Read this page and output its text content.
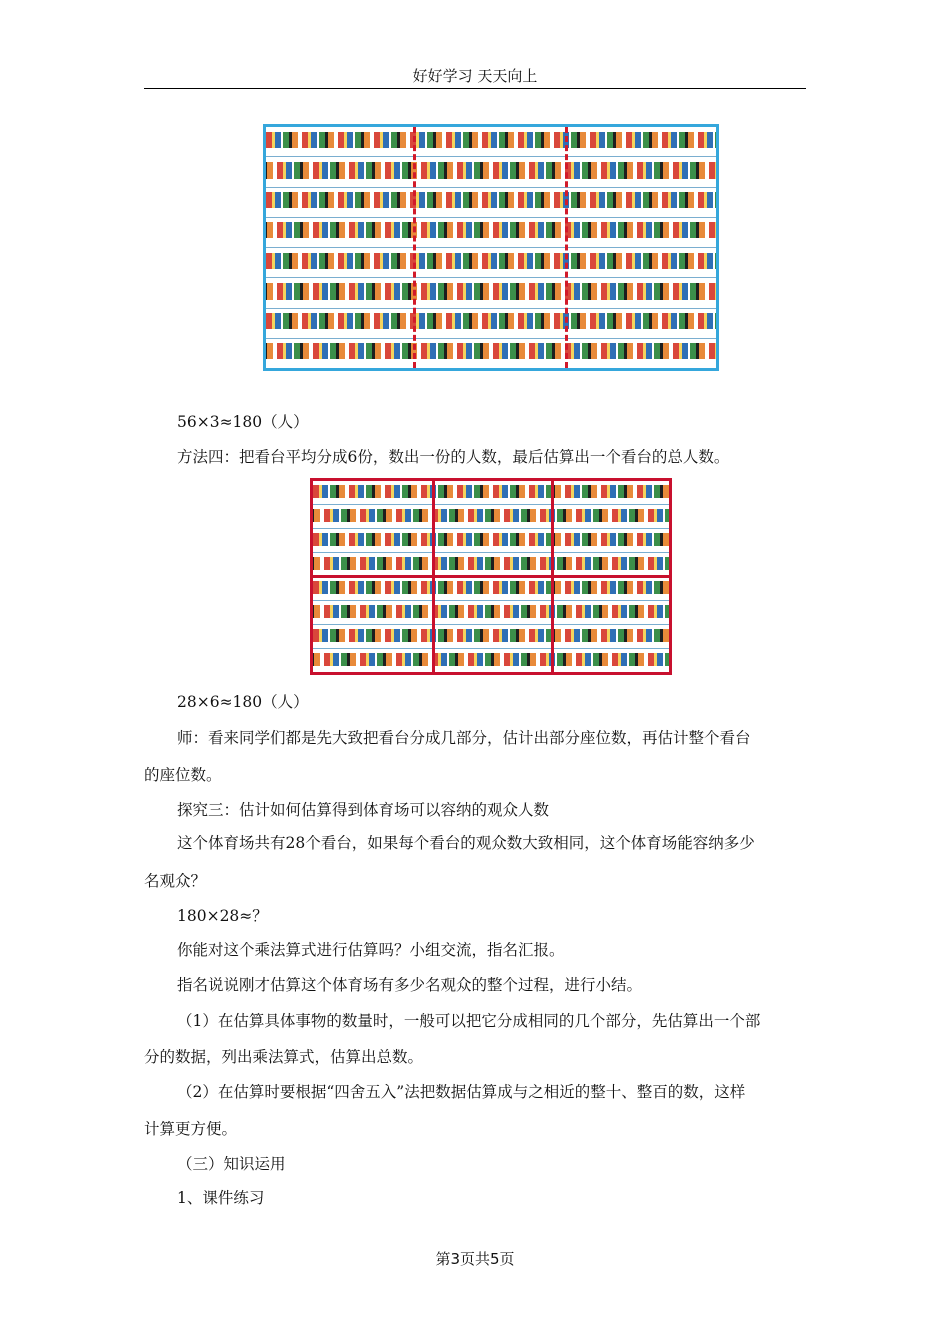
好好学习 天天向上
56×3≈180（人）
方法四：把看台平均分成6份，数出一份的人数，最后估算出一个看台的总人数。
28×6≈180（人）
师：看来同学们都是先大致把看台分成几部分，估计出部分座位数，再估计整个看台
的座位数。
探究三：估计如何估算得到体育场可以容纳的观众人数
这个体育场共有28个看台，如果每个看台的观众数大致相同，这个体育场能容纳多少
名观众？
180×28≈？
你能对这个乘法算式进行估算吗？小组交流，指名汇报。
指名说说刚才估算这个体育场有多少名观众的整个过程，进行小结。
（1）在估算具体事物的数量时，一般可以把它分成相同的几个部分，先估算出一个部
分的数据，列出乘法算式，估算出总数。
（2）在估算时要根据“四舍五入”法把数据估算成与之相近的整十、整百的数，这样
计算更方便。
（三）知识运用
1、课件练习
第3页共5页
